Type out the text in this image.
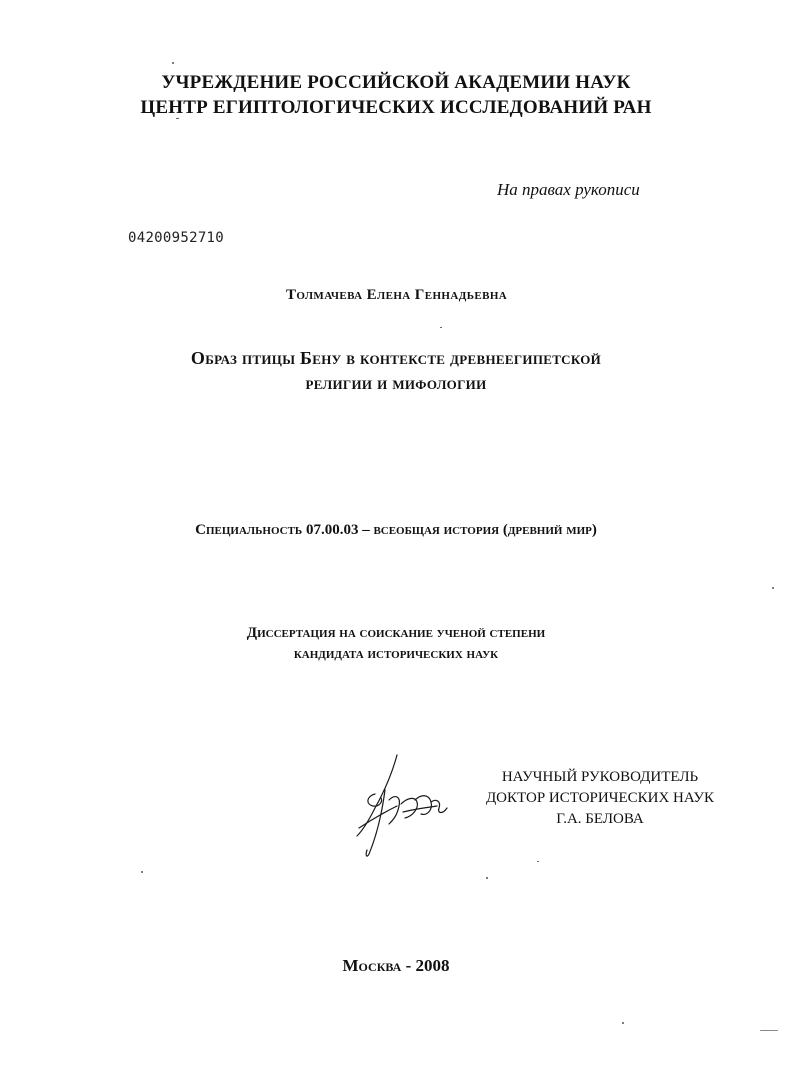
УЧРЕЖДЕНИЕ РОССИЙСКОЙ АКАДЕМИИ НАУК
ЦЕНТР ЕГИПТОЛОГИЧЕСКИХ ИССЛЕДОВАНИЙ РАН
На правах рукописи
04200952710
Толмачева Елена Геннадьевна
Образ птицы Бену в контексте древнеегипетской
религии и мифологии
Специальность 07.00.03 – всеобщая история (древний мир)
Диссертация на соискание ученой степени
кандидата исторических наук
НАУЧНЫЙ РУКОВОДИТЕЛЬ
ДОКТОР ИСТОРИЧЕСКИХ НАУК
Г.А. БЕЛОВА
Москва - 2008
